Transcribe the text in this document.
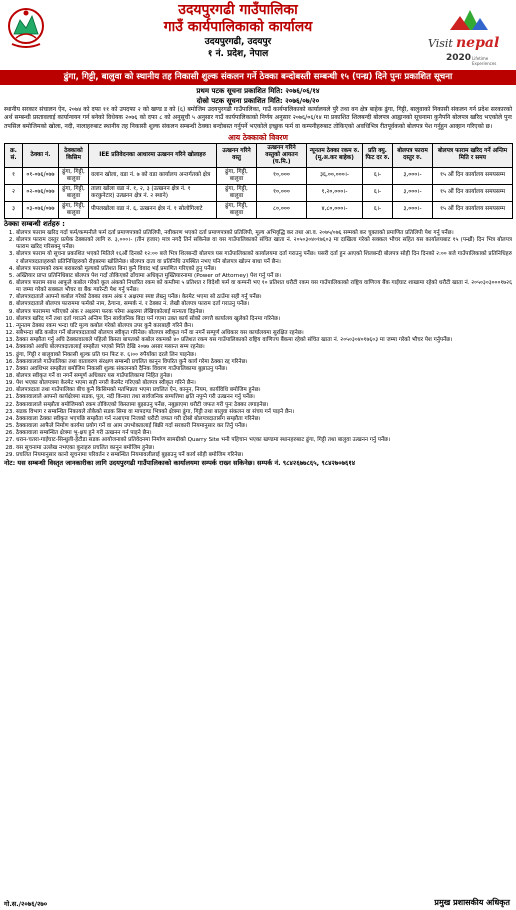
उदयपुरगढी गाउँपालिका
गाउँ कार्यपालिकाको कार्यालय
उदयपुरगढी, उदयपुर
१ नं. प्रदेश, नेपाल
Visit nepal
2020 Lifetime
Experiences
ढुंगा, गिट्टी, बालुवा को स्थानीय तह निकासी शुल्क संकलन गर्ने ठेक्का बन्दोबस्ती सम्बन्धी १५ (पन्ध्र) दिने पुनः प्रकाशित सूचना
प्रथम पटक सूचना प्रकाशित मिति: २०७६/०६/१४
दोस्रो पटक सूचना प्रकाशित मिति: २०७६/०७/२०
स्थानीय सरकार संचालन ऐन, २०७४ को दफा ११ को उपदफा २ को खण्ड ड को (६) बमोजिम उदयपुरगढी गाउँपालिका, गाउँ कार्यपालिकाको कार्यालयले पुरै तथा वन क्षेत्र बाहेक ढुंगा, गिट्टी, बालुवाको निकासी संकलन गर्न प्रदेश सरकारको अर्थ सम्बन्धी प्रस्तावलाई कार्यान्वयन गर्न बनेको विधेयक २०७६ को दफा ८ को अनुसूची ५ अनुसार गाउँ कार्यपालिकाको निर्णय अनुसार २०७६/०६/१४ मा प्रकाशित शिलबन्दी बोलपत्र आह्वानको सूचनामा कुनैपनि बोलपत्र खरिद भएकोले पुनः तपसिल बमोजिमको खोला, नदी, नालाहरुबाट स्थानीय तह निकासी शुल्क संकलन सम्बन्धी ठेक्का बन्दोबस्त गर्नुपर्ने भएकोले इच्छुक फर्म वा कम्पनीहरुबाट तोकिएको अवधिभित्र रीतपूर्वकको बोलपत्र पेश गर्नुहुन आव्हान गरिएको छ।
आय ठेक्काको विवरण
क्र. सं.	ठेक्का नं.	ठेक्काको किसिम	IEE प्रतिवेदनका आधारमा उत्खनन गरिने खोलाहरु	उत्खनन गरिने वस्तु	उत्खनन गरिने वस्तुको आयतन (घ.मि.)	न्यूनतम ठेक्का रकम रु. (मू.अ.कर बाहेक)	प्रति क्यु. फिट दर रु.	बोलपत्र फाराम दस्तुर रु.	बोलपत्र फाराम खरिद गर्ने अन्तिम मिति र समय
१	०१-०७६/०७७	ढुंगा, गिट्टी, बालुवा	वलान खोला, वडा नं. ७ को वडा कार्यालय अन्तर्गतको क्षेत्र	ढुंगा, गिट्टी, बालुवा	१०,०००	३६,००,०००।-	६।-	३,०००।-	१५ औं दिन कार्यालय समयसम्म
२	०२-०७६/०७७	ढुंगा, गिट्टी, बालुवा	ताला खोला वडा नं. १, २, ३ (उत्खनन क्षेत्र नं. १ करकुनेटार) उत्खनन क्षेत्र नं. २ स्थाने)	ढुंगा, गिट्टी, बालुवा	१०,०००	१,२०,०००।-	६।-	३,०००।-	१५ औं दिन कार्यालय समयसम्म
३	०३-०७६/०७७	ढुंगा, गिट्टी, बालुवा	पीपलखोला वडा नं. ६, उत्खनन क्षेत्र नं. १ सोलोगिलाटे	ढुंगा, गिट्टी, बालुवा	८०,०००	४,८०,०००।-	६।-	३,०००।-	१५ औं दिन कार्यालय समयसम्म
ठेक्का सम्बन्धी शर्तहरु :
1. बोलपत्र फाराम खरिद गर्दा फर्म/कम्पनीले फर्म दर्ता प्रमाणपत्रको प्रतिलिपी, नवीकरण भएको दर्ता प्रमाणपत्रको प्रतिलिपी, मूल्य अभिवृद्धि कर तथा आ.व. २०७५/०७६ सम्मको कर चुक्ताको प्रमाणित प्रतिलिपी पेश गर्नु पर्नेछ।
2. बोलपत्र फाराम दस्तुर प्रत्येक ठेक्काको लागि रु. ३,०००।- (तीन हजार) मात्र नगदै तिर्न सकिनेछ वा यस गाउँपालिकाको संचित खाता नं. २०५०३०४०१७६०३ मा दाखिला गरेको सक्कल भौचर सहित यस कार्यालयबाट १५ (पन्ध्रौं) दिन भित्र बोलपत्र फाराम खरिद गरिसक्नु पर्नेछ।
3. बोलपत्र फाराम यो सूचना प्रकाशित भएको मितिले १६औं दिनको १२:०० बजे भित्र शिलबन्दी बोलपत्र यस गाउँपालिकाको कार्यालयमा दर्ता गराउनु पर्नेछ। यसरी दर्ता हुन आएको शिलबन्दी बोलपत्र सोही दिन दिनको २:०० बजे गाउँपालिकाको प्रतिनिधिहरु र बोलपत्रदाताहरुको प्रतिनिधिहरुको रोहबरमा खोलिनेछ। बोलपत्र दाता वा प्रतिनिधि उपस्थित नभए पनि बोलपत्र खोल्न बाधा पर्ने छैन।
4. बोलपत्र फारामको रकम बराबरको मूल्यको प्रतिशत बिना कुनै विवाद भई प्रमाणित गरिएको हुनु पर्नेछ।
5. अख्तियार प्राप्त प्रतिनिधिबाट बोलपत्र पेश गर्दा तोकिएको ढाँचामा अधिकृत मुख्तियारनामा (Power of Attorney) पेश गर्नु पर्ने छ।
6. बोलपत्र फाराम साथ आफूले कबोल गरेको कूल अंकको निधारित रकम को कम्तीमा ५ प्रतिशत र विदेशी फर्म वा कम्पनी भए १० प्रतिशत धरौटी रकम यस गाउँपालिकाको राष्ट्रिय वाणिज्य बैंक गाईघाट शाखामा रहेको धरौटी खाता नं. २०५०३०३०००१७२६ मा जम्मा गरेको सक्कल भौचर वा बैंक ग्यारेन्टी पेश गर्नु पर्नेछ।
7. बोलपत्रदाताले आफ्नो कबोल गरेको ठेक्का रकम अंक र अक्षरमा स्पष्ट लेख्नु पर्नेछ। केरमेट भएमा सो ठाउँमा सही गर्नु पर्नेछ।
8. बोलपत्रदाताले बोलपत्र फाराममा फर्मको नाम, ठेगाना, सम्पर्क नं. र ठेक्का नं. लेखी बोलपत्र फाराम दर्ता गराउनु पर्नेछ।
9. बोलपत्र फाराममा भरिएको अंक र अक्षरमा फरक परेमा अक्षरमा लेखिएकोलाई मान्यता दिइनेछ।
10. बोलपत्र खरिद गर्ने तथा दर्ता गराउने अन्तिम दिन सार्वजनिक बिदा पर्न गएमा उक्त कार्य सोको लगत्तै कार्यालय खुलेको दिनमा गरिनेछ।
11. न्यूनतम ठेक्का रकम भन्दा घटि मुल्य कबोल गरेको बोलपत्र उपर कुनै कारबाही गरिने छैन।
12. सबैभन्दा बढि कबोल गर्ने बोलपत्रदाताको बोलपत्र स्वीकृत गरिनेछ। बोलपत्र स्वीकृत गर्ने वा नगर्ने सम्पूर्ण अधिकार यस कार्यालयमा सुरक्षित रहनेछ।
13. ठेक्का सम्झौता गर्नु अघि ठेक्कावालाले पहिलो किस्ता बापतको कबोल रकमको ४० प्रतिशत रकम यस गाउँपालिकाको राष्ट्रिय वाणिज्य बैंकमा रहेको संचित खाता नं. २०५०३०४०१७६०३ मा जम्मा गरेको भौचर पेश गर्नुपर्नेछ।
14. ठेक्काको अवधि बोलपत्रदातालाई सम्झौता भएको मिति देखि २०७७ असार मसान्त सम्म रहनेछ।
15. ढुंगा, गिट्टी र बालुवाको निकासी शुल्क प्रति घन फिट रु. ६।०० रुपैयाँका दरले लिन पाइनेछ।
16. ठेक्कावालाले गाउँपालिका तथा वातावरण संरक्षण सम्बन्धी प्रचलित कानून विपरित कुनै कार्य गरेमा ठेक्का रद्द गरिनेछ।
17. ठेक्का अवधिभर सम्झौता बमोजिम निकासी शुल्क संकलनको दैनिक विवरण गाउँपालिकामा बुझाउनु पर्नेछ।
18. बोलपत्र स्वीकृत गर्ने वा नगर्ने सम्पूर्ण अधिकार यस गाउँपालिकामा निहित हुनेछ।
19. पेश भएका बोलपत्रमा केरमेट भएमा सही नगरी केरमेट गरिएको बोलपत्र स्वीकृत गरिने छैन।
20. बोलपत्रदाता तथा गाउँपालिका बीच कुनै किसिमको मतभिन्नता भएमा प्रचलित ऐन, कानून, नियम, कार्यविधि बमोजिम हुनेछ।
21. ठेक्कावालाले आफ्नो कार्यक्षेत्रमा सडक, पुल, नदी किनारा तथा सार्वजनिक सम्पत्तिमा क्षति नपुग्ने गरी उत्खनन गर्नु पर्नेछ।
22. ठेक्कावालाले सम्झौता बमोजिमको रकम तोकिएको किस्तामा बुझाउनु पर्नेछ, नबुझाएमा धरौटी जफत गरी पुनः ठेक्का लगाइनेछ।
23. सडक विभाग र सम्बन्धित निकायले तोकेको सडक सिमा वा मापदण्ड भित्रको क्षेत्रमा ढुंगा, गिट्टी तथा बालुवा संकलन वा संचय गर्न पाइने छैन।
24. ठेक्कावाला ठेक्का स्वीकृत भएपछि सम्झौता गर्न नआएमा निजको धरौटी जफत गरी दोस्रो बोलपत्रदातासँग सम्झौता गरिनेछ।
25. ठेक्कावाला आफैले निर्माण कार्यमा प्रयोग गर्ने वा आम उपभोक्तालाई बिक्री गर्दा सरकारी नियमानुसार कर तिर्नु पर्नेछ।
26. ठेक्कावाला सम्बन्धित क्षेत्रमा भू-क्षय हुने गरी उत्खनन गर्न पाइने छैन।
27. धरान-चतरा-गाईघाट-सिन्धुली-हेटौडा सडक आयोजनाको प्रतिवेदनमा निर्माण सामग्रीको Quarry Site भनी पहिचान भएका खण्डमा स्थानहरुबाट ढुंगा, गिट्टी तथा बालुवा उत्खनन गर्नु पर्नेछ।
28. यस सूचनामा उल्लेख नभएका कुराहरु प्रचलित कानून बमोजिम हुनेछ।
29. प्रचलित नियमानुसार कानो सूचनामा परिवर्तन र सम्बन्धित नियमावलीलाई बुझाउनु पर्ने कार्य सोही बमोजिम गरिनेछ।
नोट: यस सम्बन्धी विस्तृत जानकारीका लागि उदयपुरगढी गाउँपालिकाको कार्यालयमा सम्पर्क राख्न सकिनेछ। सम्पर्क नं. ९८४२६७७८६५, ९८४२७०७६१४
गो.स./२०७६/२७०	प्रमुख प्रशासकीय अधिकृत
